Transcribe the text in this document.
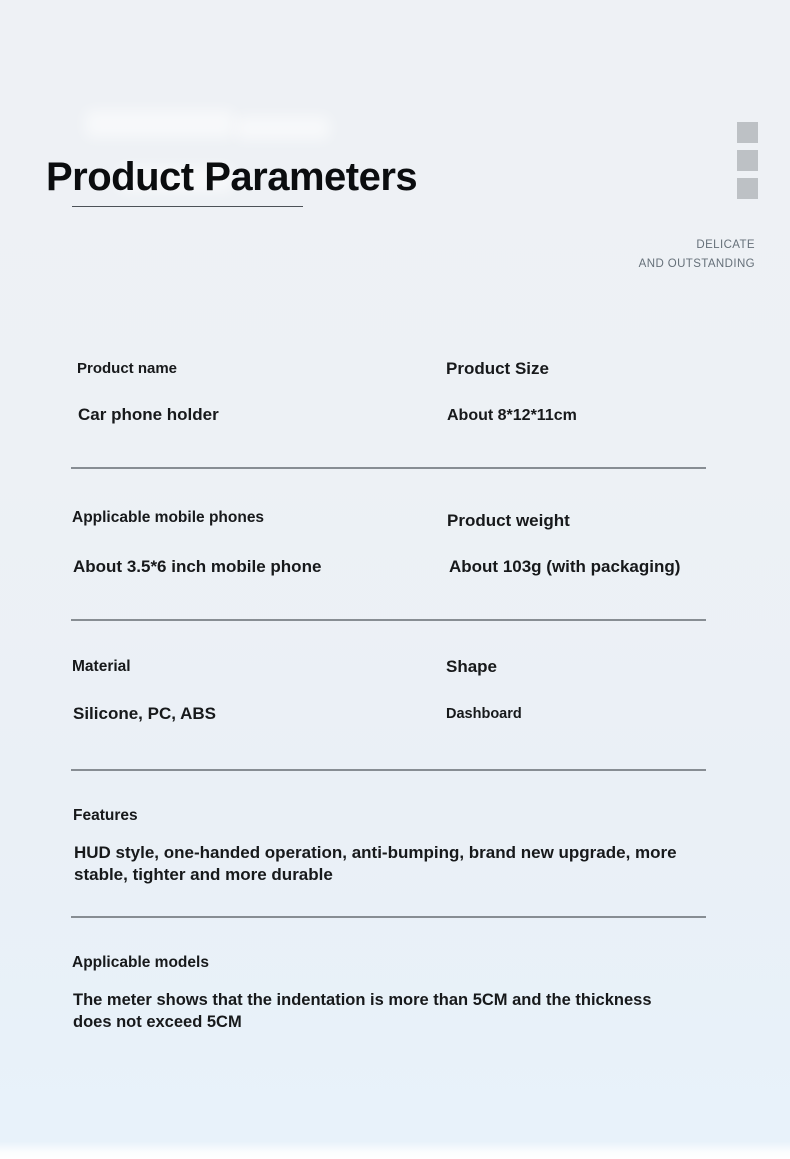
Product Parameters
DELICATE
AND OUTSTANDING
Product name
Car phone holder
Product Size
About 8*12*11cm
Applicable mobile phones
About 3.5*6 inch mobile phone
Product weight
About 103g (with packaging)
Material
Silicone, PC, ABS
Shape
Dashboard
Features
HUD style, one-handed operation, anti-bumping, brand new upgrade, more stable, tighter and more durable
Applicable models
The meter shows that the indentation is more than 5CM and the thickness does not exceed 5CM
